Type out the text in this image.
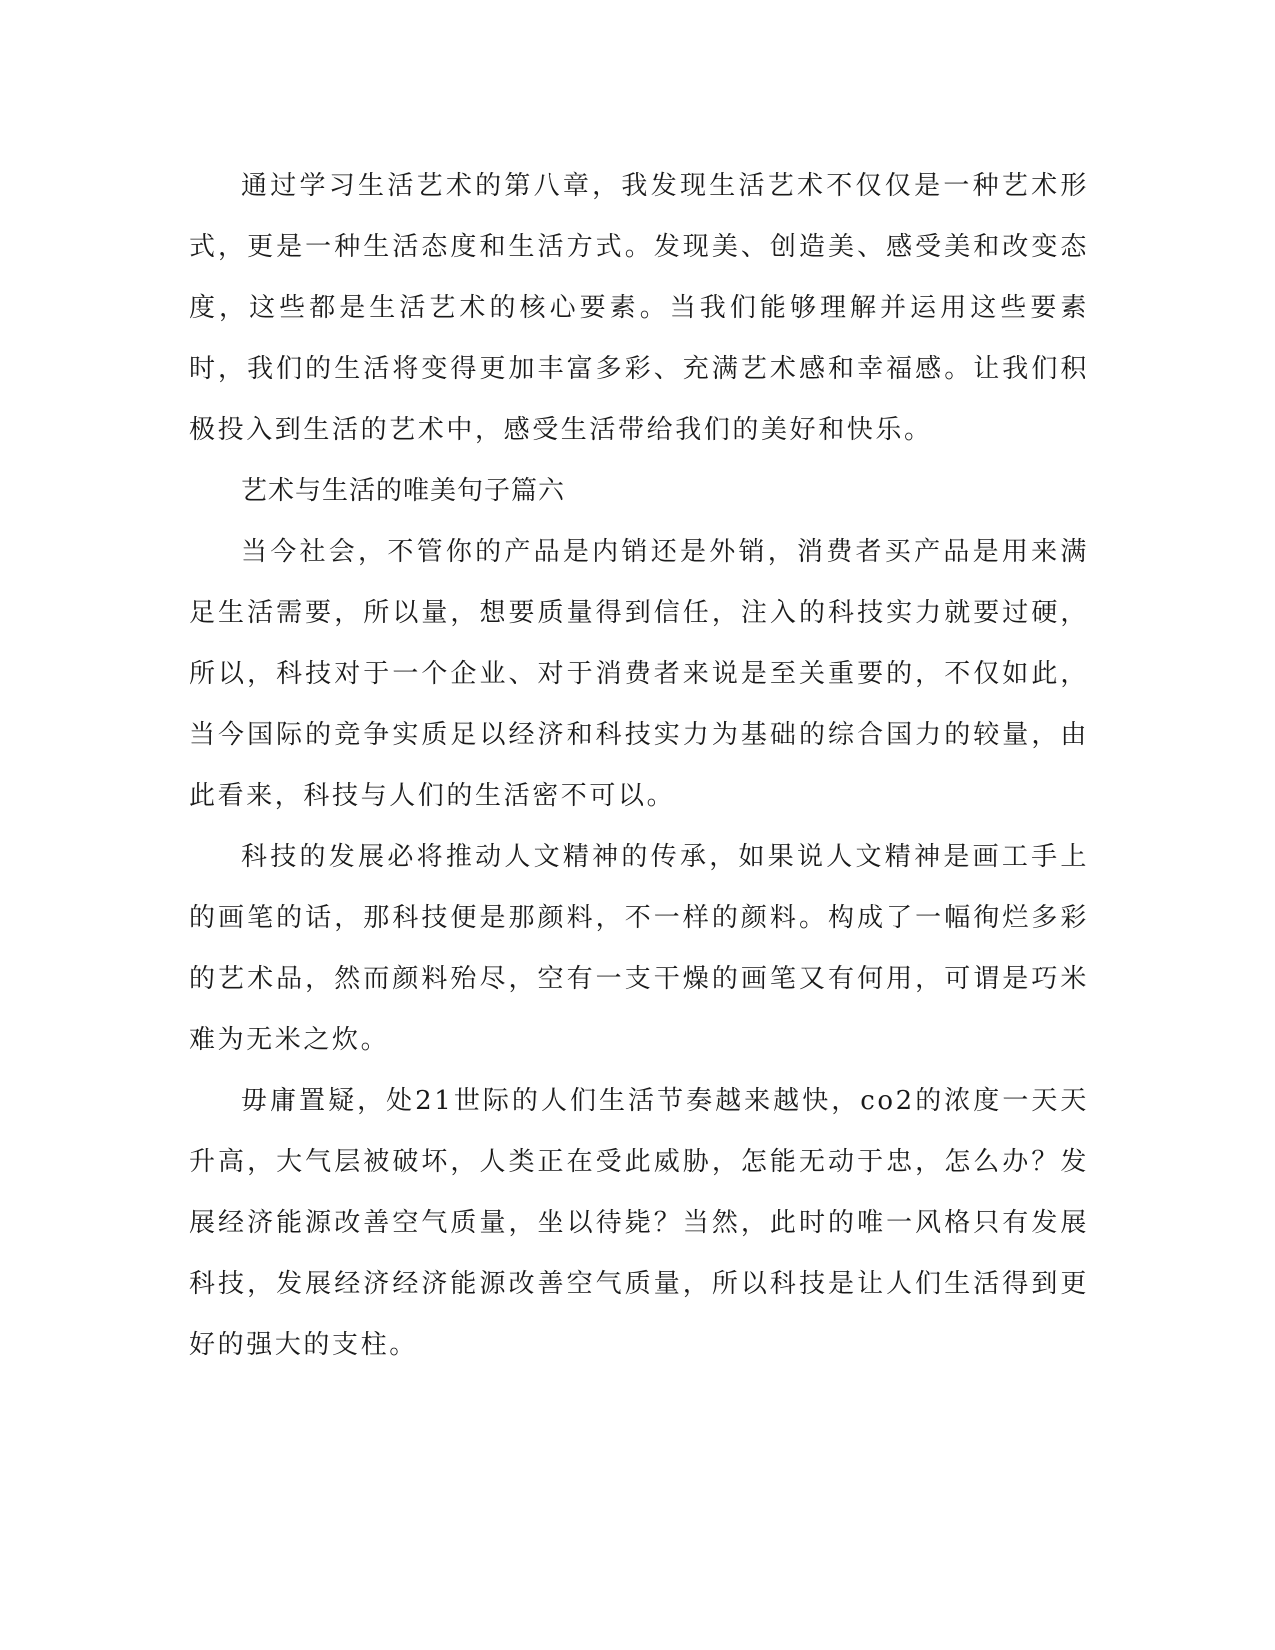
通过学习生活艺术的第八章，我发现生活艺术不仅仅是一种艺术形式，更是一种生活态度和生活方式。发现美、创造美、感受美和改变态度，这些都是生活艺术的核心要素。当我们能够理解并运用这些要素时，我们的生活将变得更加丰富多彩、充满艺术感和幸福感。让我们积极投入到生活的艺术中，感受生活带给我们的美好和快乐。

艺术与生活的唯美句子篇六

当今社会，不管你的产品是内销还是外销，消费者买产品是用来满足生活需要，所以量，想要质量得到信任，注入的科技实力就要过硬，所以，科技对于一个企业、对于消费者来说是至关重要的，不仅如此，当今国际的竞争实质足以经济和科技实力为基础的综合国力的较量，由此看来，科技与人们的生活密不可以。

科技的发展必将推动人文精神的传承，如果说人文精神是画工手上的画笔的话，那科技便是那颜料，不一样的颜料。构成了一幅徇烂多彩的艺术品，然而颜料殆尽，空有一支干燥的画笔又有何用，可谓是巧米难为无米之炊。

毋庸置疑，处21世际的人们生活节奏越来越快，co2的浓度一天天升高，大气层被破坏，人类正在受此威胁，怎能无动于忠，怎么办？发展经济能源改善空气质量，坐以待毙？当然，此时的唯一风格只有发展科技，发展经济经济能源改善空气质量，所以科技是让人们生活得到更好的强大的支柱。
